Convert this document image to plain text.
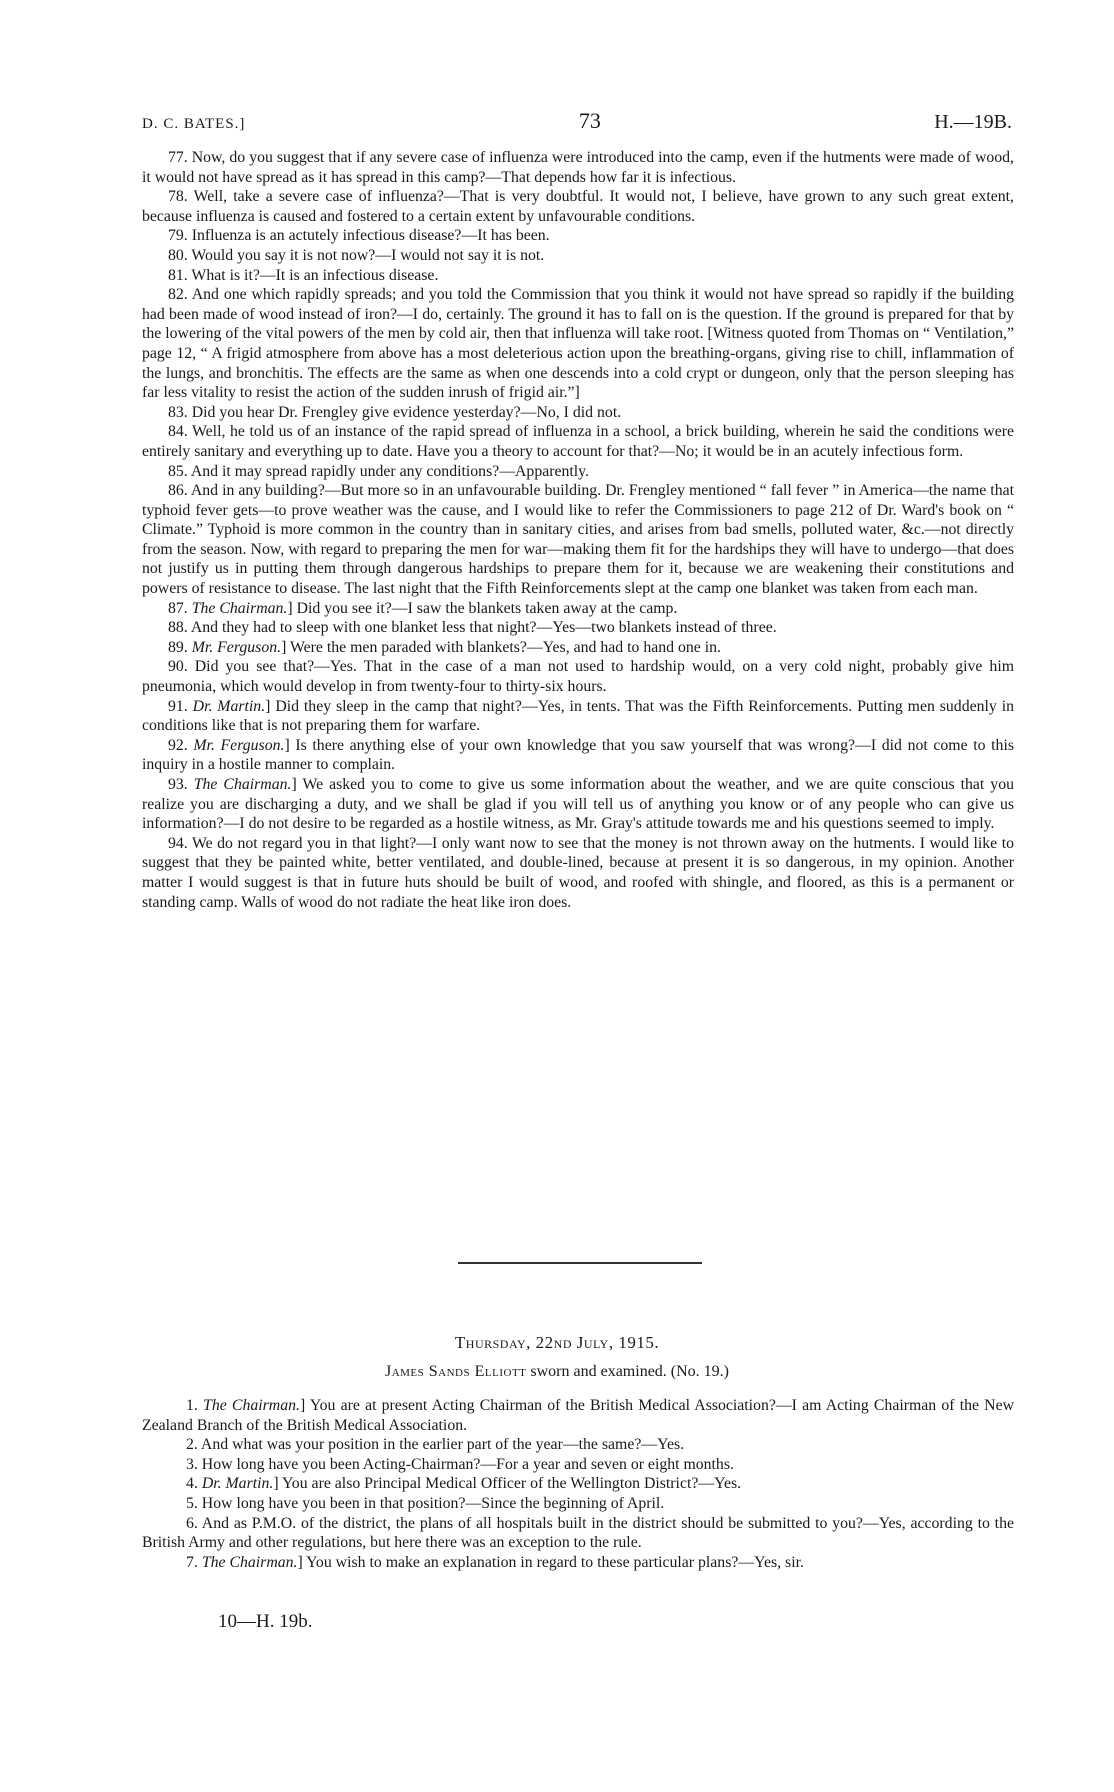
D. C. BATES.]	73	H.—19B.

77. Now, do you suggest that if any severe case of influenza were introduced into the camp, even if the hutments were made of wood, it would not have spread as it has spread in this camp?—That depends how far it is infectious.

78. Well, take a severe case of influenza?—That is very doubtful. It would not, I believe, have grown to any such great extent, because influenza is caused and fostered to a certain extent by unfavourable conditions.

79. Influenza is an actutely infectious disease?—It has been.

80. Would you say it is not now?—I would not say it is not.

81. What is it?—It is an infectious disease.

82. And one which rapidly spreads; and you told the Commission that you think it would not have spread so rapidly if the building had been made of wood instead of iron?—I do, certainly. The ground it has to fall on is the question. If the ground is prepared for that by the lowering of the vital powers of the men by cold air, then that influenza will take root. [Witness quoted from Thomas on “ Ventilation,” page 12, “ A frigid atmosphere from above has a most deleterious action upon the breathing-organs, giving rise to chill, inflammation of the lungs, and bronchitis. The effects are the same as when one descends into a cold crypt or dungeon, only that the person sleeping has far less vitality to resist the action of the sudden inrush of frigid air.”]

83. Did you hear Dr. Frengley give evidence yesterday?—No, I did not.

84. Well, he told us of an instance of the rapid spread of influenza in a school, a brick building, wherein he said the conditions were entirely sanitary and everything up to date. Have you a theory to account for that?—No; it would be in an acutely infectious form.

85. And it may spread rapidly under any conditions?—Apparently.

86. And in any building?—But more so in an unfavourable building. Dr. Frengley mentioned “ fall fever ” in America—the name that typhoid fever gets—to prove weather was the cause, and I would like to refer the Commissioners to page 212 of Dr. Ward's book on “ Climate.” Typhoid is more common in the country than in sanitary cities, and arises from bad smells, polluted water, &c.—not directly from the season. Now, with regard to preparing the men for war—making them fit for the hardships they will have to undergo—that does not justify us in putting them through dangerous hardships to prepare them for it, because we are weakening their constitutions and powers of resistance to disease. The last night that the Fifth Reinforcements slept at the camp one blanket was taken from each man.

87. The Chairman.] Did you see it?—I saw the blankets taken away at the camp.

88. And they had to sleep with one blanket less that night?—Yes—two blankets instead of three.

89. Mr. Ferguson.] Were the men paraded with blankets?—Yes, and had to hand one in.

90. Did you see that?—Yes. That in the case of a man not used to hardship would, on a very cold night, probably give him pneumonia, which would develop in from twenty-four to thirty-six hours.

91. Dr. Martin.] Did they sleep in the camp that night?—Yes, in tents. That was the Fifth Reinforcements. Putting men suddenly in conditions like that is not preparing them for warfare.

92. Mr. Ferguson.] Is there anything else of your own knowledge that you saw yourself that was wrong?—I did not come to this inquiry in a hostile manner to complain.

93. The Chairman.] We asked you to come to give us some information about the weather, and we are quite conscious that you realize you are discharging a duty, and we shall be glad if you will tell us of anything you know or of any people who can give us information?—I do not desire to be regarded as a hostile witness, as Mr. Gray's attitude towards me and his questions seemed to imply.

94. We do not regard you in that light?—I only want now to see that the money is not thrown away on the hutments. I would like to suggest that they be painted white, better ventilated, and double-lined, because at present it is so dangerous, in my opinion. Another matter I would suggest is that in future huts should be built of wood, and roofed with shingle, and floored, as this is a permanent or standing camp. Walls of wood do not radiate the heat like iron does.

Thursday, 22nd July, 1915.
James Sands Elliott sworn and examined. (No. 19.)

1. The Chairman.] You are at present Acting Chairman of the British Medical Association?—I am Acting Chairman of the New Zealand Branch of the British Medical Association.

2. And what was your position in the earlier part of the year—the same?—Yes.

3. How long have you been Acting-Chairman?—For a year and seven or eight months.

4. Dr. Martin.] You are also Principal Medical Officer of the Wellington District?—Yes.

5. How long have you been in that position?—Since the beginning of April.

6. And as P.M.O. of the district, the plans of all hospitals built in the district should be submitted to you?—Yes, according to the British Army and other regulations, but here there was an exception to the rule.

7. The Chairman.] You wish to make an explanation in regard to these particular plans?—Yes, sir.

10—H. 19b.
